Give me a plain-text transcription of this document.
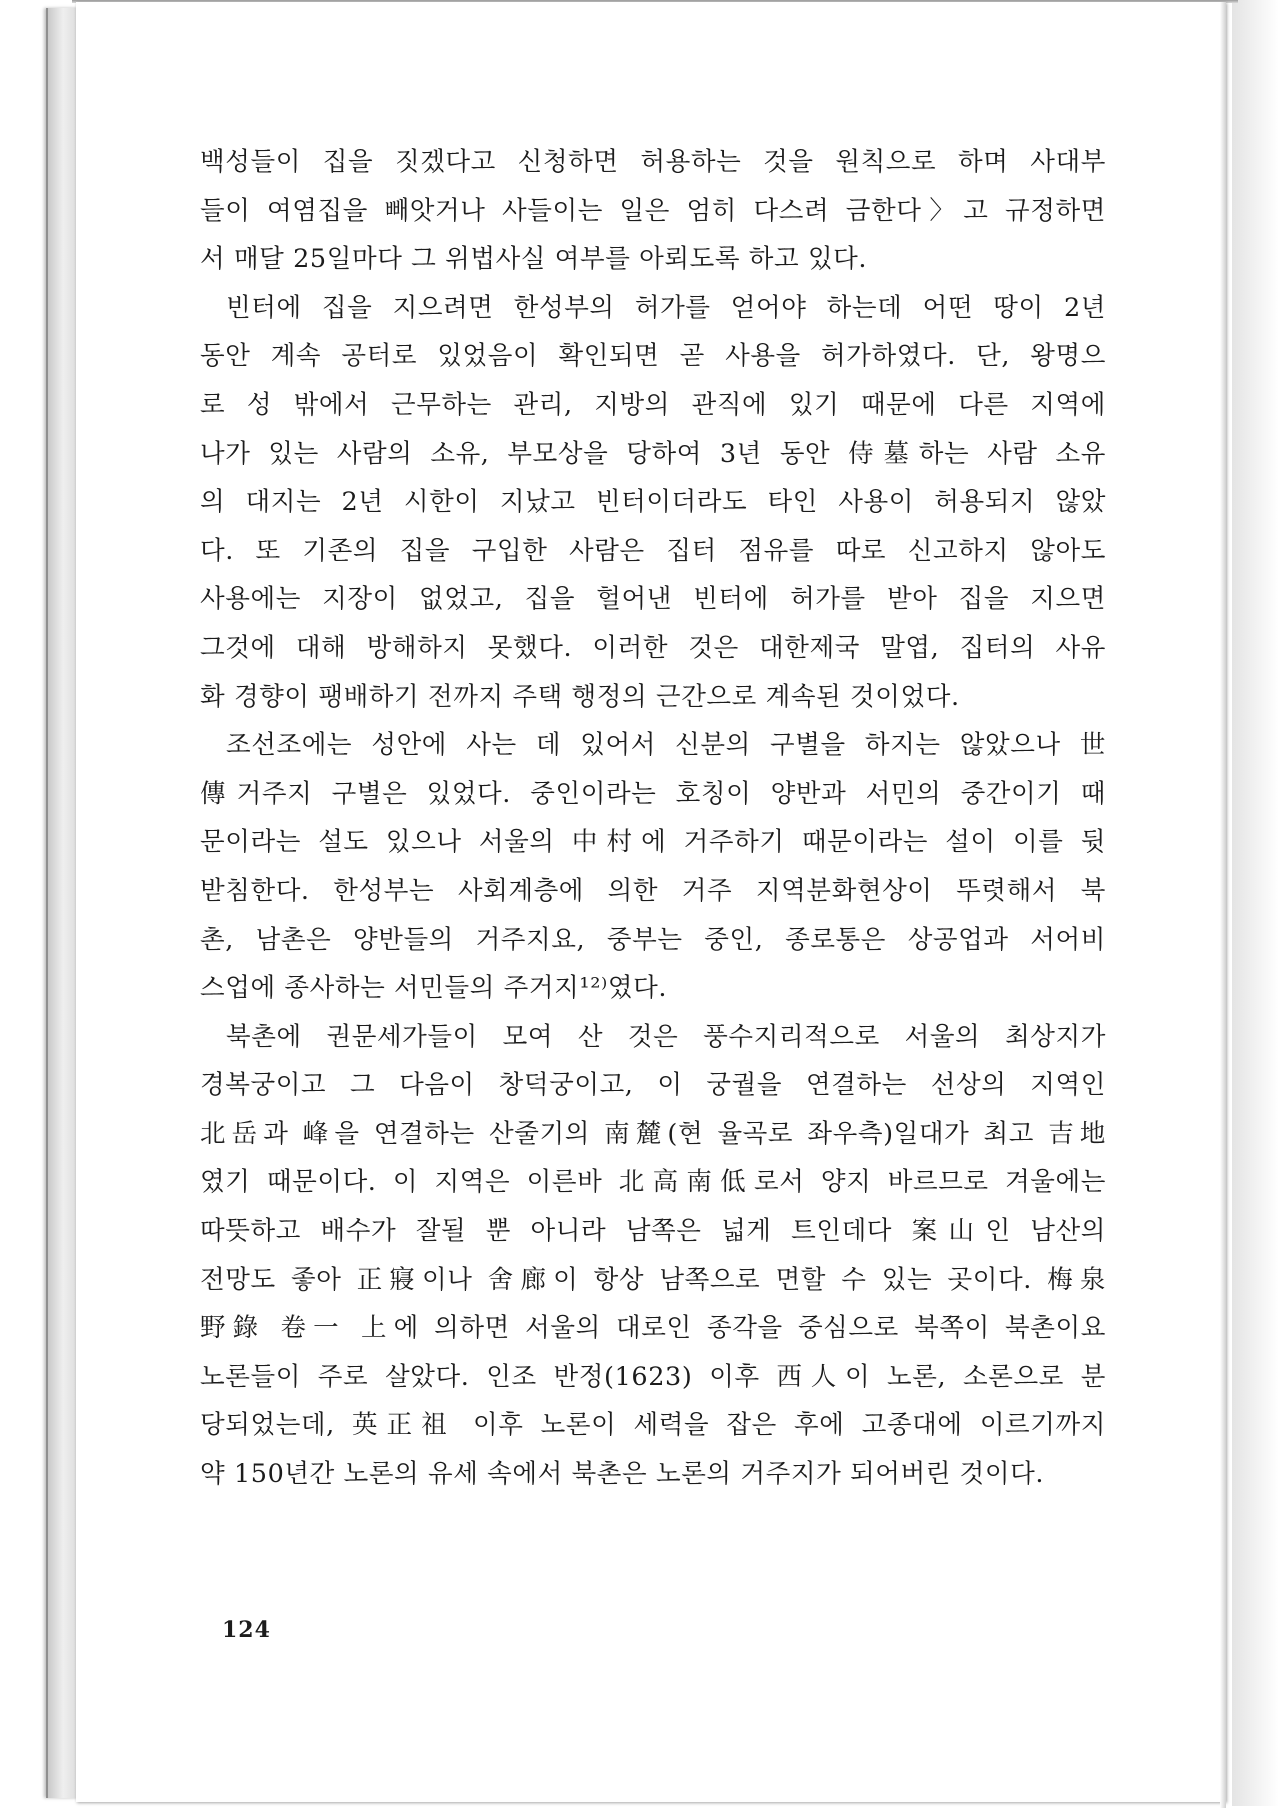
백성들이 집을 짓겠다고 신청하면 허용하는 것을 원칙으로 하며 사대부
들이 여염집을 빼앗거나 사들이는 일은 엄히 다스려 금한다〉고 규정하면
서 매달 25일마다 그 위법사실 여부를 아뢰도록 하고 있다.
빈터에 집을 지으려면 한성부의 허가를 얻어야 하는데 어떤 땅이 2년
동안 계속 공터로 있었음이 확인되면 곧 사용을 허가하였다. 단, 왕명으
로 성 밖에서 근무하는 관리, 지방의 관직에 있기 때문에 다른 지역에
나가 있는 사람의 소유, 부모상을 당하여 3년 동안 侍墓하는 사람 소유
의 대지는 2년 시한이 지났고 빈터이더라도 타인 사용이 허용되지 않았
다. 또 기존의 집을 구입한 사람은 집터 점유를 따로 신고하지 않아도
사용에는 지장이 없었고, 집을 헐어낸 빈터에 허가를 받아 집을 지으면
그것에 대해 방해하지 못했다. 이러한 것은 대한제국 말엽, 집터의 사유
화 경향이 팽배하기 전까지 주택 행정의 근간으로 계속된 것이었다.
조선조에는 성안에 사는 데 있어서 신분의 구별을 하지는 않았으나 世
傳거주지 구별은 있었다. 중인이라는 호칭이 양반과 서민의 중간이기 때
문이라는 설도 있으나 서울의 中村에 거주하기 때문이라는 설이 이를 뒷
받침한다. 한성부는 사회계층에 의한 거주 지역분화현상이 뚜렷해서 북
촌, 남촌은 양반들의 거주지요, 중부는 중인, 종로통은 상공업과 서어비
스업에 종사하는 서민들의 주거지¹²⁾였다.
북촌에 권문세가들이 모여 산 것은 풍수지리적으로 서울의 최상지가
경복궁이고 그 다음이 창덕궁이고, 이 궁궐을 연결하는 선상의 지역인
北岳과 峰을 연결하는 산줄기의 南麓(현 율곡로 좌우측)일대가 최고 吉地
였기 때문이다. 이 지역은 이른바 北高南低로서 양지 바르므로 겨울에는
따뜻하고 배수가 잘될 뿐 아니라 남쪽은 넓게 트인데다 案山인 남산의
전망도 좋아 正寢이나 舍廊이 항상 남쪽으로 면할 수 있는 곳이다. 梅泉
野錄 卷一 上에 의하면 서울의 대로인 종각을 중심으로 북쪽이 북촌이요
노론들이 주로 살았다. 인조 반정(1623) 이후 西人이 노론, 소론으로 분
당되었는데, 英正祖 이후 노론이 세력을 잡은 후에 고종대에 이르기까지
약 150년간 노론의 유세 속에서 북촌은 노론의 거주지가 되어버린 것이다.
124
